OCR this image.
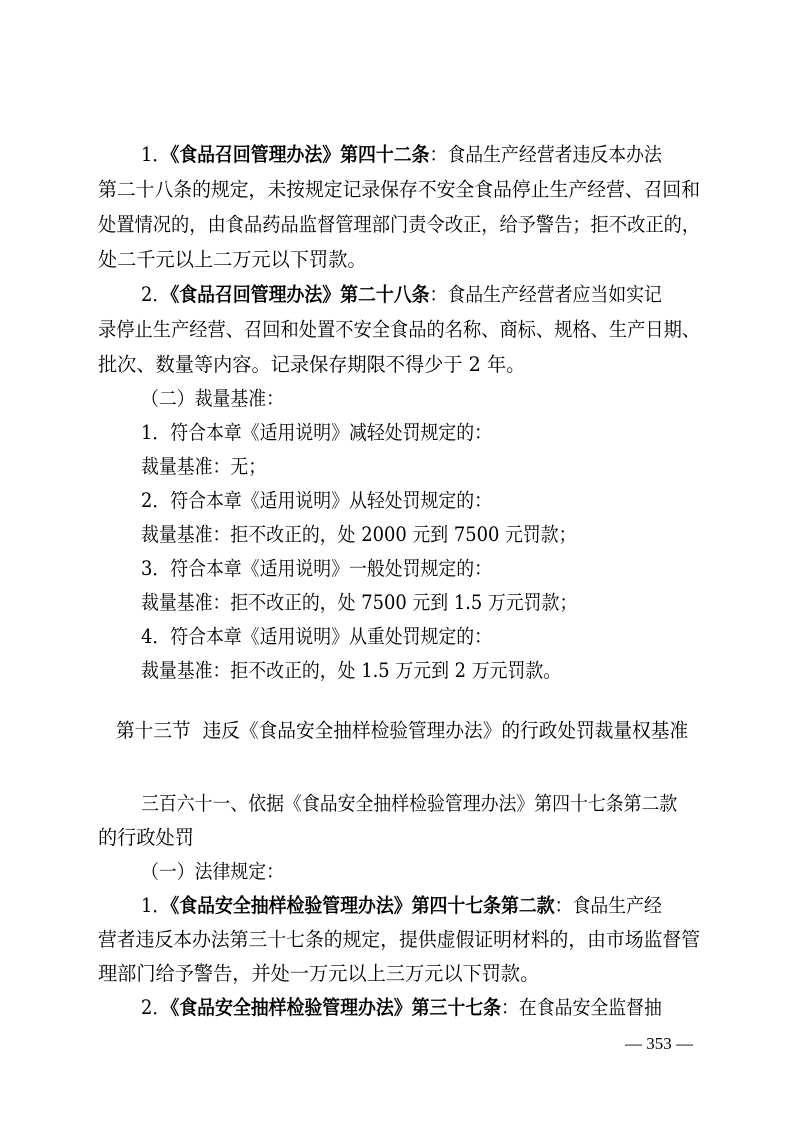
1．《食品召回管理办法》第四十二条：食品生产经营者违反本办法
第二十八条的规定，未按规定记录保存不安全食品停止生产经营、召回和
处置情况的，由食品药品监督管理部门责令改正，给予警告；拒不改正的，
处二千元以上二万元以下罚款。
2．《食品召回管理办法》第二十八条：食品生产经营者应当如实记
录停止生产经营、召回和处置不安全食品的名称、商标、规格、生产日期、
批次、数量等内容。记录保存期限不得少于 2 年。
（二）裁量基准：
1．符合本章《适用说明》减轻处罚规定的：
裁量基准：无；
2．符合本章《适用说明》从轻处罚规定的：
裁量基准：拒不改正的，处 2000 元到 7500 元罚款；
3．符合本章《适用说明》一般处罚规定的：
裁量基准：拒不改正的，处 7500 元到 1.5 万元罚款；
4．符合本章《适用说明》从重处罚规定的：
裁量基准：拒不改正的，处 1.5 万元到 2 万元罚款。
第十三节  违反《食品安全抽样检验管理办法》的行政处罚裁量权基准
三百六十一、依据《食品安全抽样检验管理办法》第四十七条第二款
的行政处罚
（一）法律规定：
1．《食品安全抽样检验管理办法》第四十七条第二款：食品生产经
营者违反本办法第三十七条的规定，提供虚假证明材料的，由市场监督管
理部门给予警告，并处一万元以上三万元以下罚款。
2．《食品安全抽样检验管理办法》第三十七条：在食品安全监督抽
— 353 —
